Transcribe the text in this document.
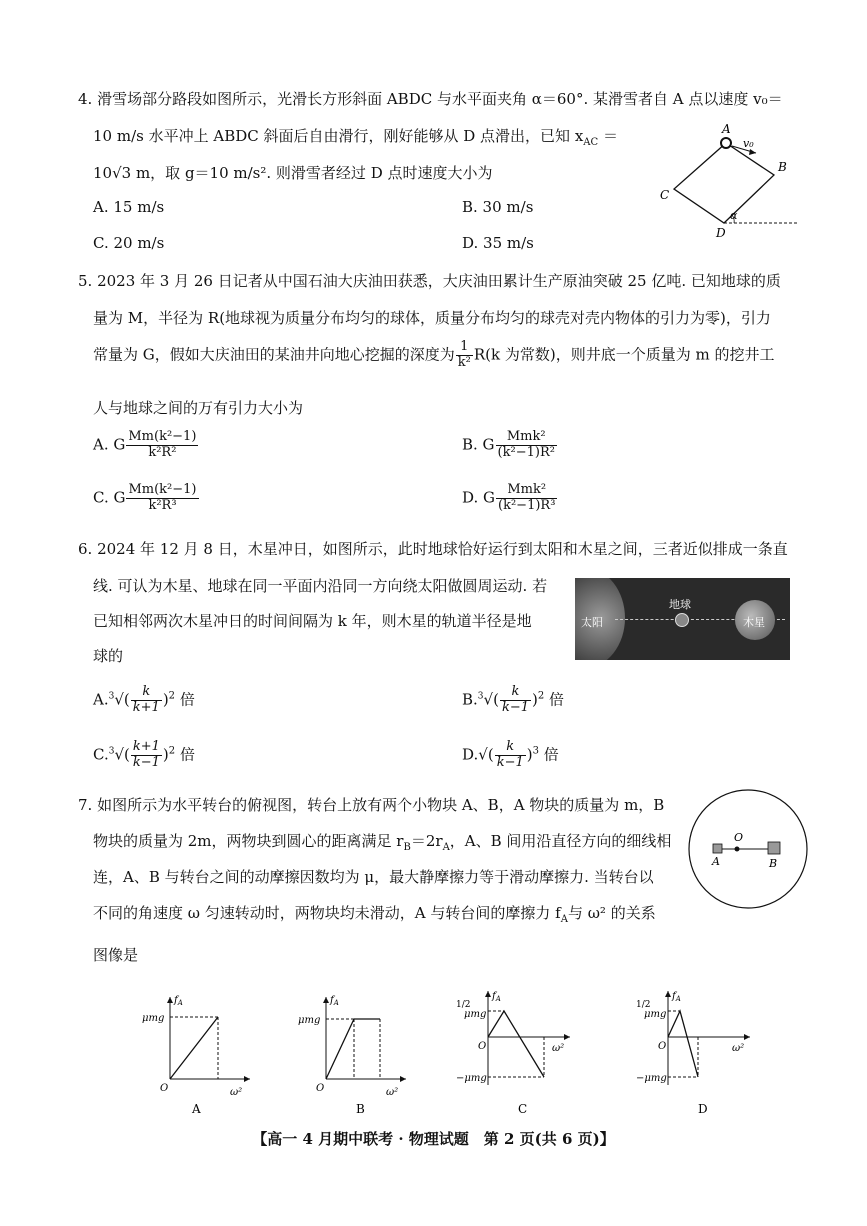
4. 滑雪场部分路段如图所示，光滑长方形斜面 ABDC 与水平面夹角 α＝60°. 某滑雪者自 A 点以速度 v₀＝
10 m/s 水平冲上 ABDC 斜面后自由滑行，刚好能够从 D 点滑出，已知 $x_{AC}$ ＝
10√3 m，取 g＝10 m/s². 则滑雪者经过 D 点时速度大小为
A. 15 m/s	B. 30 m/s
C. 20 m/s	D. 35 m/s
A
v₀
B
C
D
α
5. 2023 年 3 月 26 日记者从中国石油大庆油田获悉，大庆油田累计生产原油突破 25 亿吨. 已知地球的质
量为 M，半径为 R(地球视为质量分布均匀的球体，质量分布均匀的球壳对壳内物体的引力为零)，引力
常量为 G，假如大庆油田的某油井向地心挖掘的深度为 $\frac{1}{\text{k²}} R(k$ 为常数)，则井底一个质量为 m 的挖井工
人与地球之间的万有引力大小为
A. G $\frac{\text{Mm(k²−1)}}{\text{k²R²}}$	B. G $\frac{\text{Mmk²}}{\text{(k²−1)R²}}$
C. G $\frac{\text{Mm(k²−1)}}{\text{k²R³}}$	D. G $\frac{\text{Mmk²}}{\text{(k²−1)R³}}$
6. 2024 年 12 月 8 日，木星冲日，如图所示，此时地球恰好运行到太阳和木星之间，三者近似排成一条直
线. 可认为木星、地球在同一平面内沿同一方向绕太阳做圆周运动. 若
已知相邻两次木星冲日的时间间隔为 k 年，则木星的轨道半径是地
球的
太阳
地球
木星
$A.^3√( \frac{k}{k+1} )^2$ 倍	$B.^3√( \frac{k}{k-1} )^2$ 倍
$C.^3√( \frac{k+1}{k-1} )^2$ 倍	$D.√( \frac{k}{k-1} )^3$ 倍
7. 如图所示为水平转台的俯视图，转台上放有两个小物块 A、B，A 物块的质量为 m，B
物块的质量为 2m，两物块到圆心的距离满足 $r_B=2r_A$，A、B 间用沿直径方向的细线相
连，A、B 与转台之间的动摩擦因数均为 μ，最大静摩擦力等于滑动摩擦力. 当转台以
不同的角速度 ω 匀速转动时，两物块均未滑动，A 与转台间的摩擦力 $f_A$与 ω² 的关系
图像是
O
A	B
μmg
$f_A$
O	ω²
A
μmg
$f_A$
O	ω²
B
1/2
μmg
−μmg
$f_A$
O	ω²
C
1/2
μmg
−μmg
$f_A$
O	ω²
D
【高一 4 月期中联考 · 物理试题　第 2 页(共 6 页)】
